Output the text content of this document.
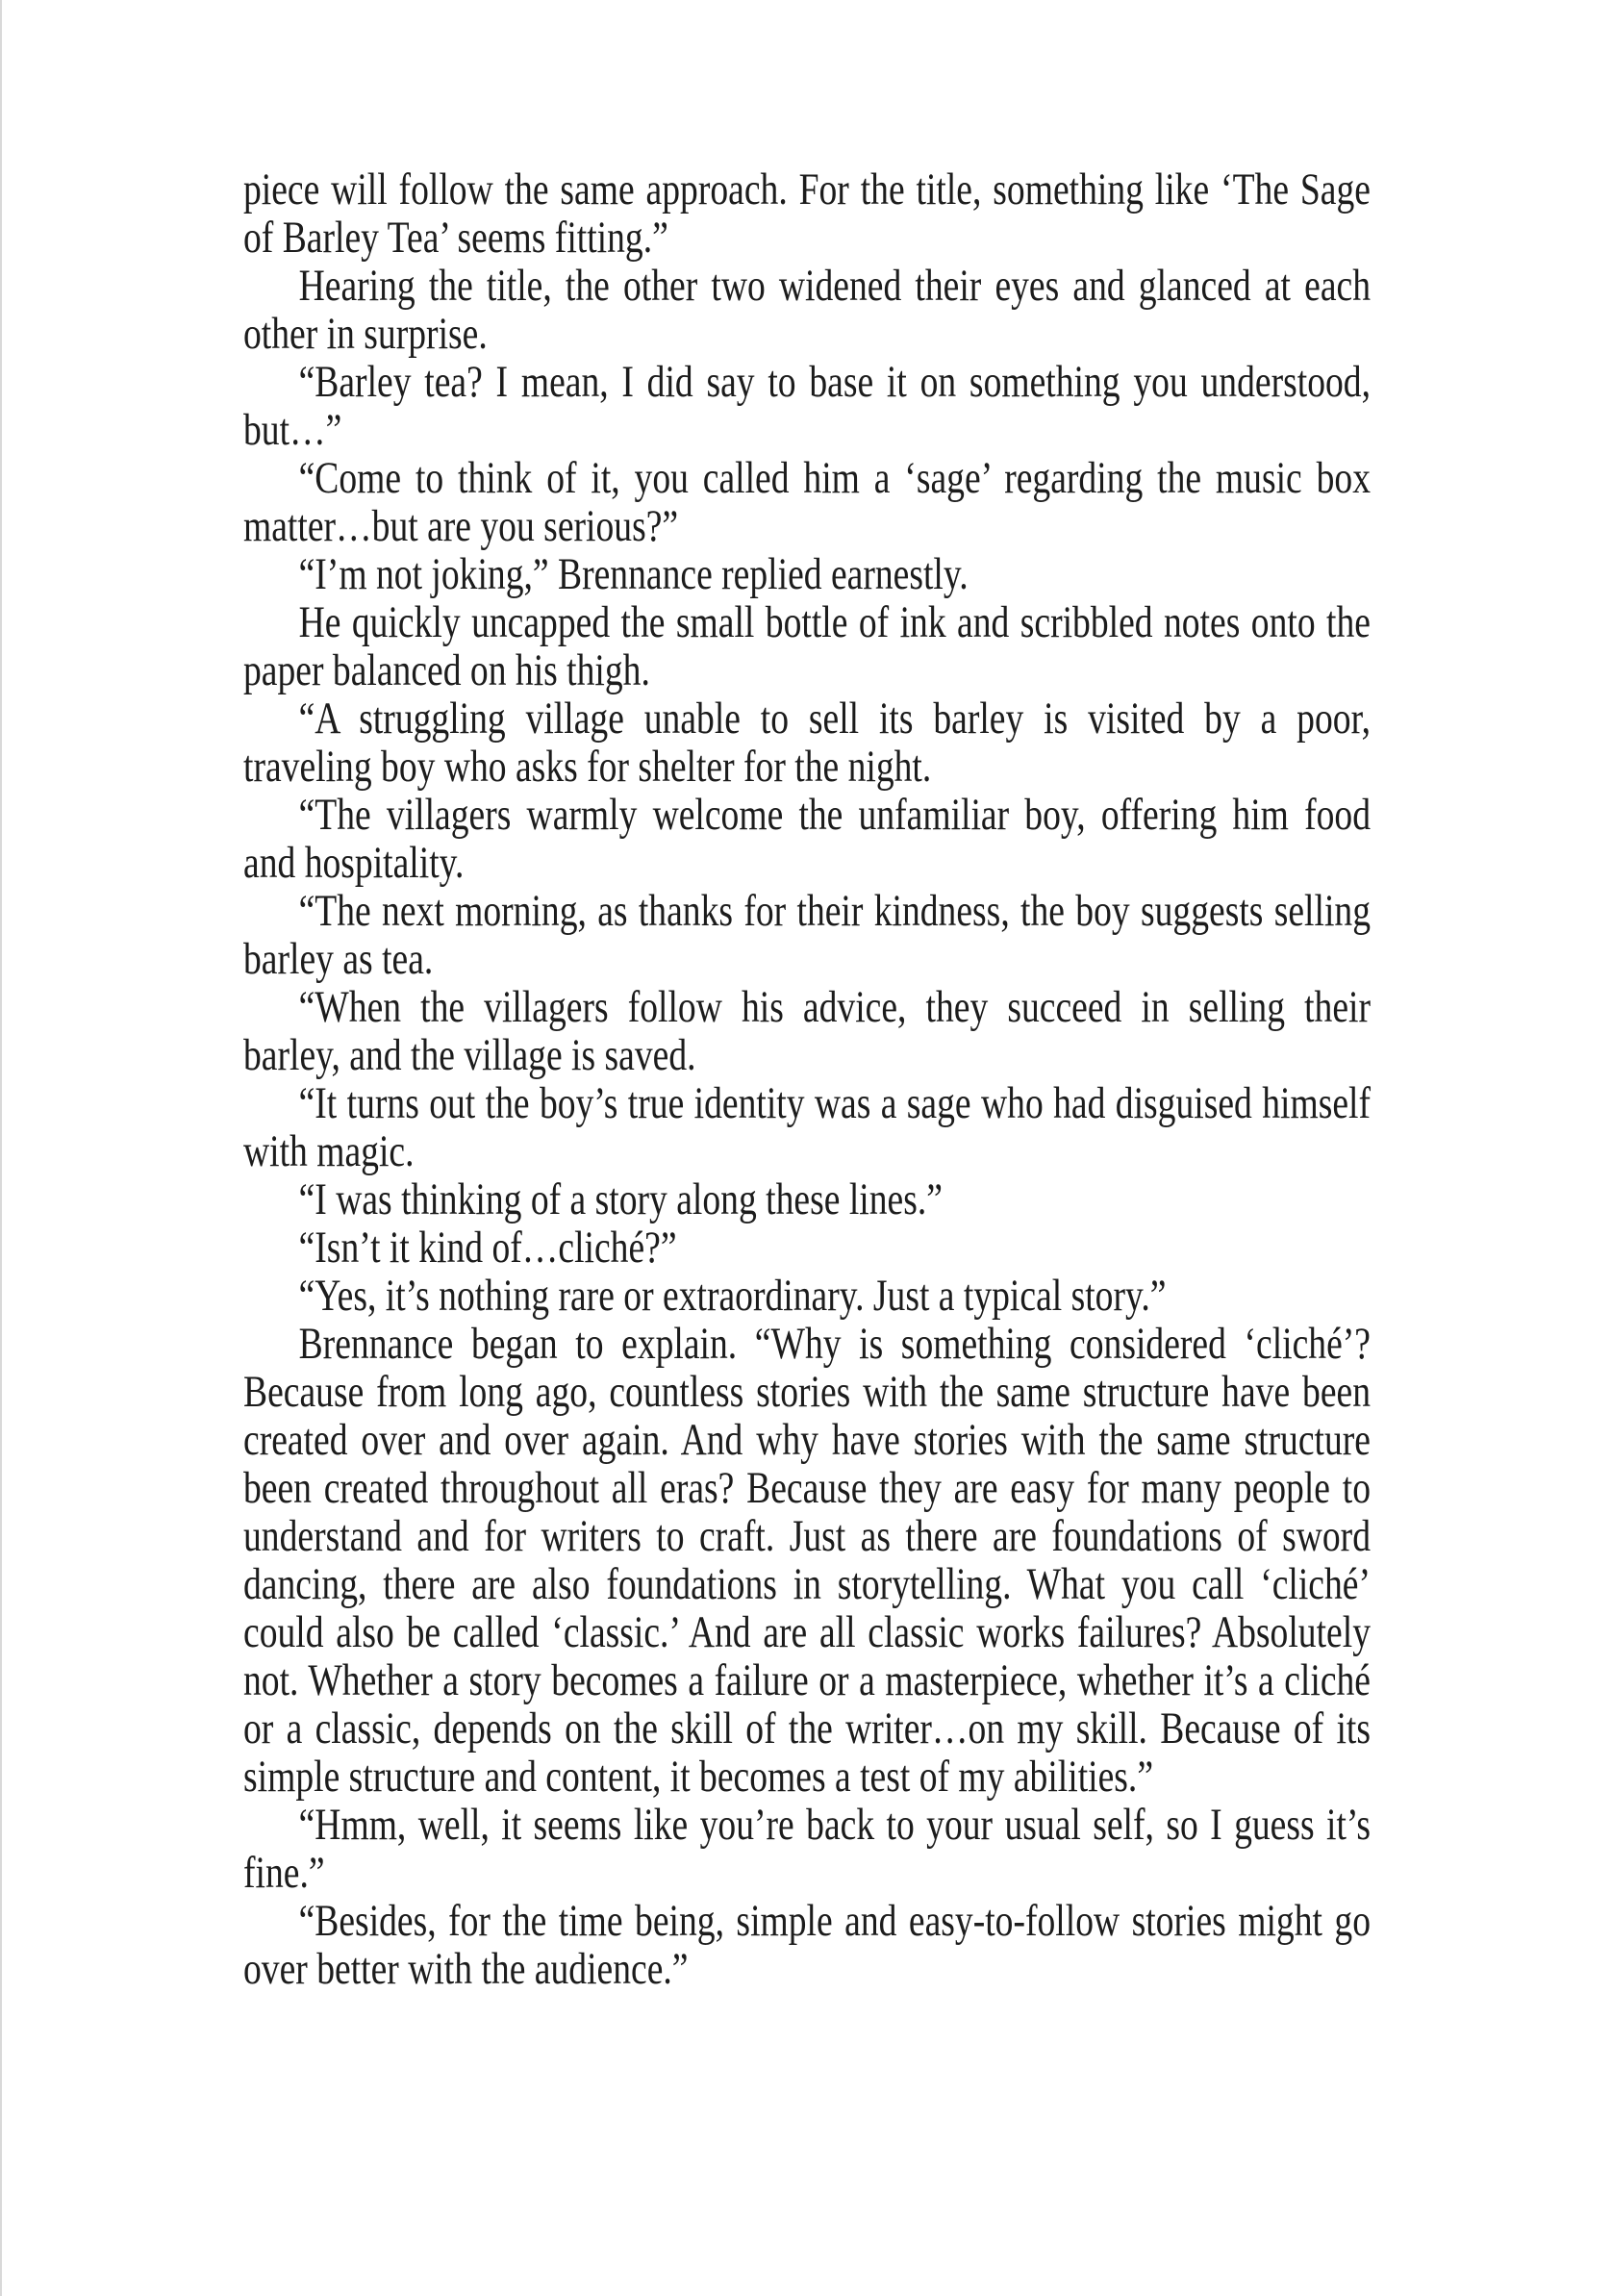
piece will follow the same approach. For the title, something like ‘The Sage of Barley Tea’ seems fitting.”

Hearing the title, the other two widened their eyes and glanced at each other in surprise.

“Barley tea? I mean, I did say to base it on something you understood, but…”

“Come to think of it, you called him a ‘sage’ regarding the music box matter…but are you serious?”

“I’m not joking,” Brennance replied earnestly.

He quickly uncapped the small bottle of ink and scribbled notes onto the paper balanced on his thigh.

“A struggling village unable to sell its barley is visited by a poor, traveling boy who asks for shelter for the night.

“The villagers warmly welcome the unfamiliar boy, offering him food and hospitality.

“The next morning, as thanks for their kindness, the boy suggests selling barley as tea.

“When the villagers follow his advice, they succeed in selling their barley, and the village is saved.

“It turns out the boy’s true identity was a sage who had disguised himself with magic.

“I was thinking of a story along these lines.”

“Isn’t it kind of…cliché?”

“Yes, it’s nothing rare or extraordinary. Just a typical story.”

Brennance began to explain. “Why is something considered ‘cliché’? Because from long ago, countless stories with the same structure have been created over and over again. And why have stories with the same structure been created throughout all eras? Because they are easy for many people to understand and for writers to craft. Just as there are foundations of sword dancing, there are also foundations in storytelling. What you call ‘cliché’ could also be called ‘classic.’ And are all classic works failures? Absolutely not. Whether a story becomes a failure or a masterpiece, whether it’s a cliché or a classic, depends on the skill of the writer…on my skill. Because of its simple structure and content, it becomes a test of my abilities.”

“Hmm, well, it seems like you’re back to your usual self, so I guess it’s fine.”

“Besides, for the time being, simple and easy-to-follow stories might go over better with the audience.”
